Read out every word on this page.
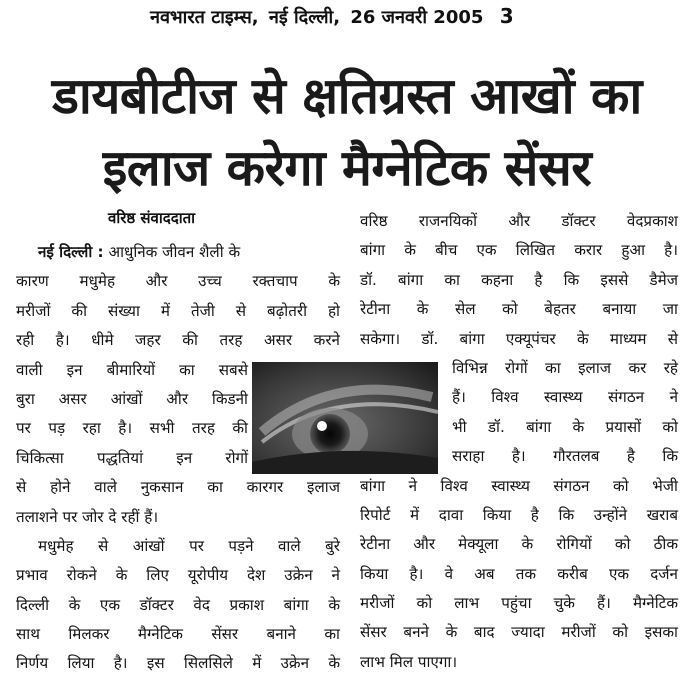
नवभारत टाइम्स, नई दिल्ली, 26 जनवरी 2005 3
डायबीटीज से क्षतिग्रस्त आखों का
इलाज करेगा मैग्नेटिक सेंसर
वरिष्ठ संवाददाता
नई दिल्ली : आधुनिक जीवन शैली के
कारण मधुमेह और उच्च रक्तचाप के
मरीजों की संख्या में तेजी से बढ़ोतरी हो
रही है। धीमे जहर की तरह असर करने
वाली इन बीमारियों का सबसे
बुरा असर आंखों और किडनी
पर पड़ रहा है। सभी तरह की
चिकित्सा पद्धतियां इन रोगों
से होने वाले नुकसान का कारगर इलाज
तलाशने पर जोर दे रहीं हैं।
मधुमेह से आंखों पर पड़ने वाले बुरे
प्रभाव रोकने के लिए यूरोपीय देश उक्रेन ने
दिल्ली के एक डॉक्टर वेद प्रकाश बांगा के
साथ मिलकर मैग्नेटिक सेंसर बनाने का
निर्णय लिया है। इस सिलसिले में उक्रेन के
वरिष्ठ राजनयिकों और डॉक्टर वेदप्रकाश
बांगा के बीच एक लिखित करार हुआ है।
डॉ. बांगा का कहना है कि इससे डैमेज
रेटीना के सेल को बेहतर बनाया जा
सकेगा। डॉ. बांगा एक्यूपंचर के माध्यम से
विभिन्न रोगों का इलाज कर रहे
हैं। विश्व स्वास्थ्य संगठन ने
भी डॉ. बांगा के प्रयासों को
सराहा है। गौरतलब है कि
बांगा ने विश्व स्वास्थ्य संगठन को भेजी
रिपोर्ट में दावा किया है कि उन्होंने खराब
रेटीना और मेक्यूला के रोगियों को ठीक
किया है। वे अब तक करीब एक दर्जन
मरीजों को लाभ पहुंचा चुके हैं। मैग्नेटिक
सेंसर बनने के बाद ज्यादा मरीजों को इसका
लाभ मिल पाएगा।
